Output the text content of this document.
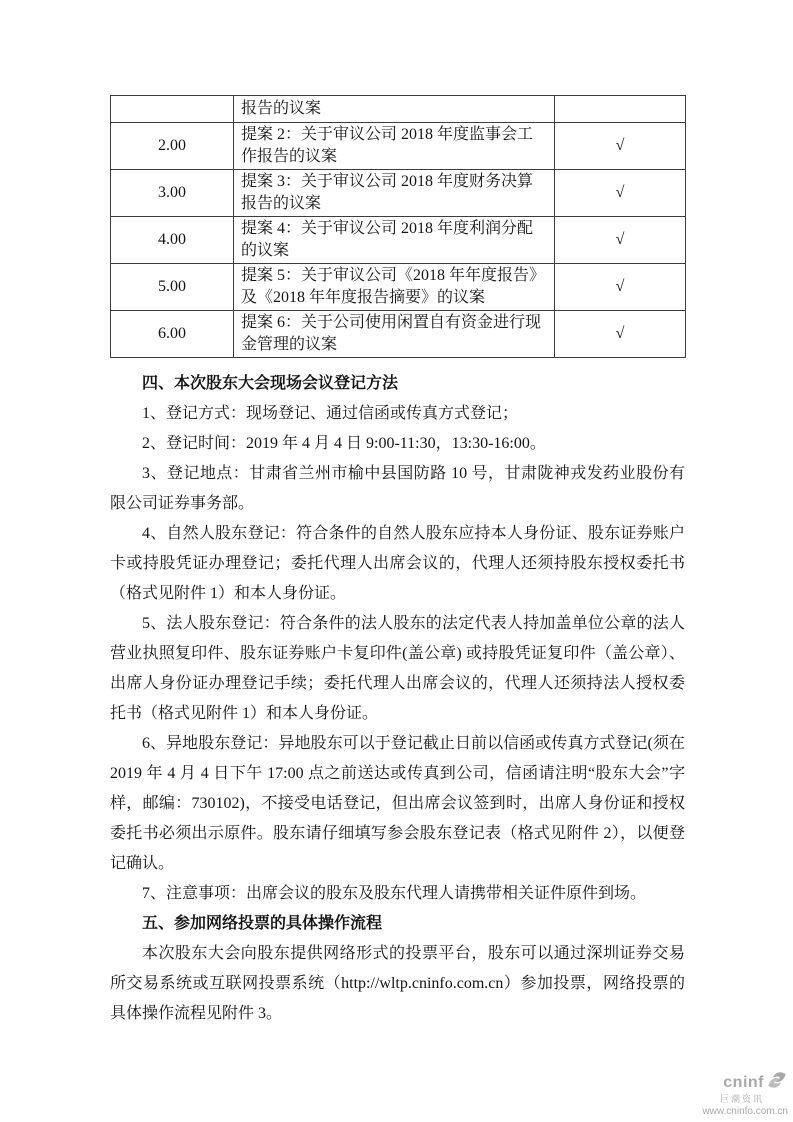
	报告的议案	
2.00	提案 2：关于审议公司 2018 年度监事会工作报告的议案	√
3.00	提案 3：关于审议公司 2018 年度财务决算报告的议案	√
4.00	提案 4：关于审议公司 2018 年度利润分配的议案	√
5.00	提案 5：关于审议公司《2018 年年度报告》及《2018 年年度报告摘要》的议案	√
6.00	提案 6：关于公司使用闲置自有资金进行现金管理的议案	√
四、本次股东大会现场会议登记方法
1、登记方式：现场登记、通过信函或传真方式登记；
2、登记时间：2019 年 4 月 4 日 9:00-11:30，13:30-16:00。
3、登记地点：甘肃省兰州市榆中县国防路 10 号，甘肃陇神戎发药业股份有限公司证券事务部。
4、自然人股东登记：符合条件的自然人股东应持本人身份证、股东证券账户卡或持股凭证办理登记；委托代理人出席会议的，代理人还须持股东授权委托书（格式见附件 1）和本人身份证。
5、法人股东登记：符合条件的法人股东的法定代表人持加盖单位公章的法人营业执照复印件、股东证券账户卡复印件(盖公章) 或持股凭证复印件（盖公章）、出席人身份证办理登记手续；委托代理人出席会议的，代理人还须持法人授权委托书（格式见附件 1）和本人身份证。
6、异地股东登记：异地股东可以于登记截止日前以信函或传真方式登记(须在 2019 年 4 月 4 日下午 17:00 点之前送达或传真到公司，信函请注明“股东大会”字样，邮编：730102)，不接受电话登记，但出席会议签到时，出席人身份证和授权委托书必须出示原件。股东请仔细填写参会股东登记表（格式见附件 2），以便登记确认。
7、注意事项：出席会议的股东及股东代理人请携带相关证件原件到场。
五、参加网络投票的具体操作流程
本次股东大会向股东提供网络形式的投票平台，股东可以通过深圳证券交易所交易系统或互联网投票系统（http://wltp.cninfo.com.cn）参加投票，网络投票的具体操作流程见附件 3。
cninf
巨潮资讯
www.cninfo.com.cn
